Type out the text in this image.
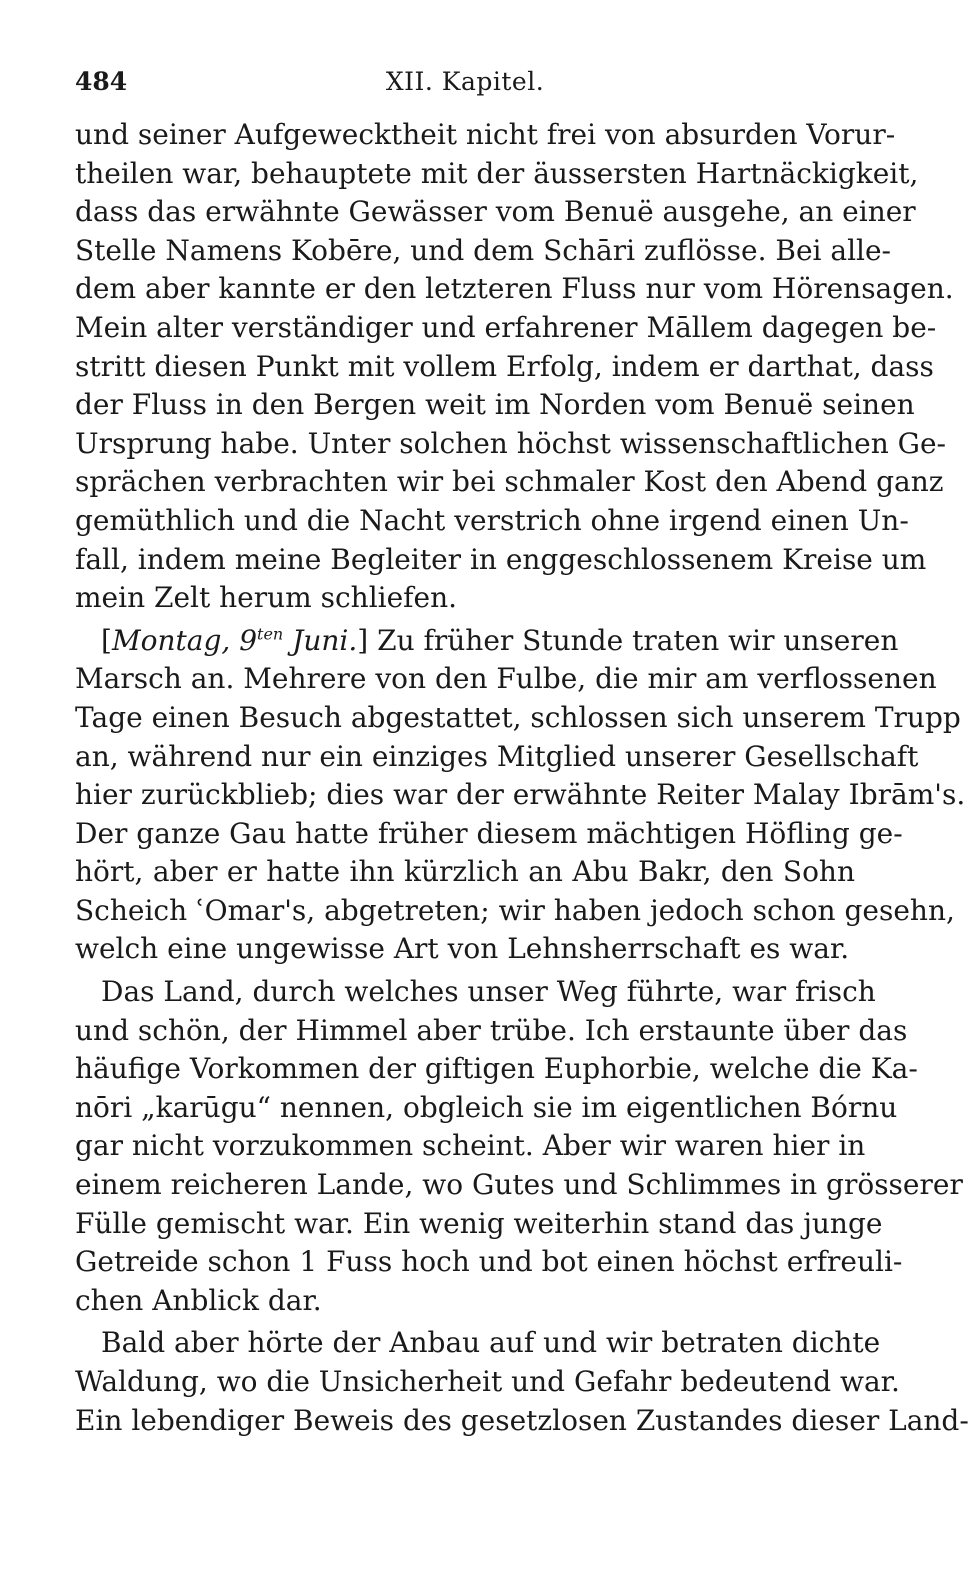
484	XII. Kapitel.
und seiner Aufgewecktheit nicht frei von absurden Vorur-
theilen war, behauptete mit der äussersten Hartnäckigkeit,
dass das erwähnte Gewässer vom Benuë ausgehe, an einer
Stelle Namens Kobēre, und dem Schāri zuflösse. Bei alle-
dem aber kannte er den letzteren Fluss nur vom Hörensagen.
Mein alter verständiger und erfahrener Māllem dagegen be-
stritt diesen Punkt mit vollem Erfolg, indem er darthat, dass
der Fluss in den Bergen weit im Norden vom Benuë seinen
Ursprung habe. Unter solchen höchst wissenschaftlichen Ge-
sprächen verbrachten wir bei schmaler Kost den Abend ganz
gemüthlich und die Nacht verstrich ohne irgend einen Un-
fall, indem meine Begleiter in enggeschlossenem Kreise um
mein Zelt herum schliefen.
[Montag, $9^{ten}$ Juni.] Zu früher Stunde traten wir unseren
Marsch an. Mehrere von den Fulbe, die mir am verflossenen
Tage einen Besuch abgestattet, schlossen sich unserem Trupp
an, während nur ein einziges Mitglied unserer Gesellschaft
hier zurückblieb; dies war der erwähnte Reiter Malay Ibrām's.
Der ganze Gau hatte früher diesem mächtigen Höfling ge-
hört, aber er hatte ihn kürzlich an Abu Bakr, den Sohn
Scheich ʿOmar's, abgetreten; wir haben jedoch schon gesehn,
welch eine ungewisse Art von Lehnsherrschaft es war.
Das Land, durch welches unser Weg führte, war frisch
und schön, der Himmel aber trübe. Ich erstaunte über das
häufige Vorkommen der giftigen Euphorbie, welche die Ka-
nōri „karūgu“ nennen, obgleich sie im eigentlichen Bórnu
gar nicht vorzukommen scheint. Aber wir waren hier in
einem reicheren Lande, wo Gutes und Schlimmes in grösserer
Fülle gemischt war. Ein wenig weiterhin stand das junge
Getreide schon 1 Fuss hoch und bot einen höchst erfreuli-
chen Anblick dar.
Bald aber hörte der Anbau auf und wir betraten dichte
Waldung, wo die Unsicherheit und Gefahr bedeutend war.
Ein lebendiger Beweis des gesetzlosen Zustandes dieser Land-
